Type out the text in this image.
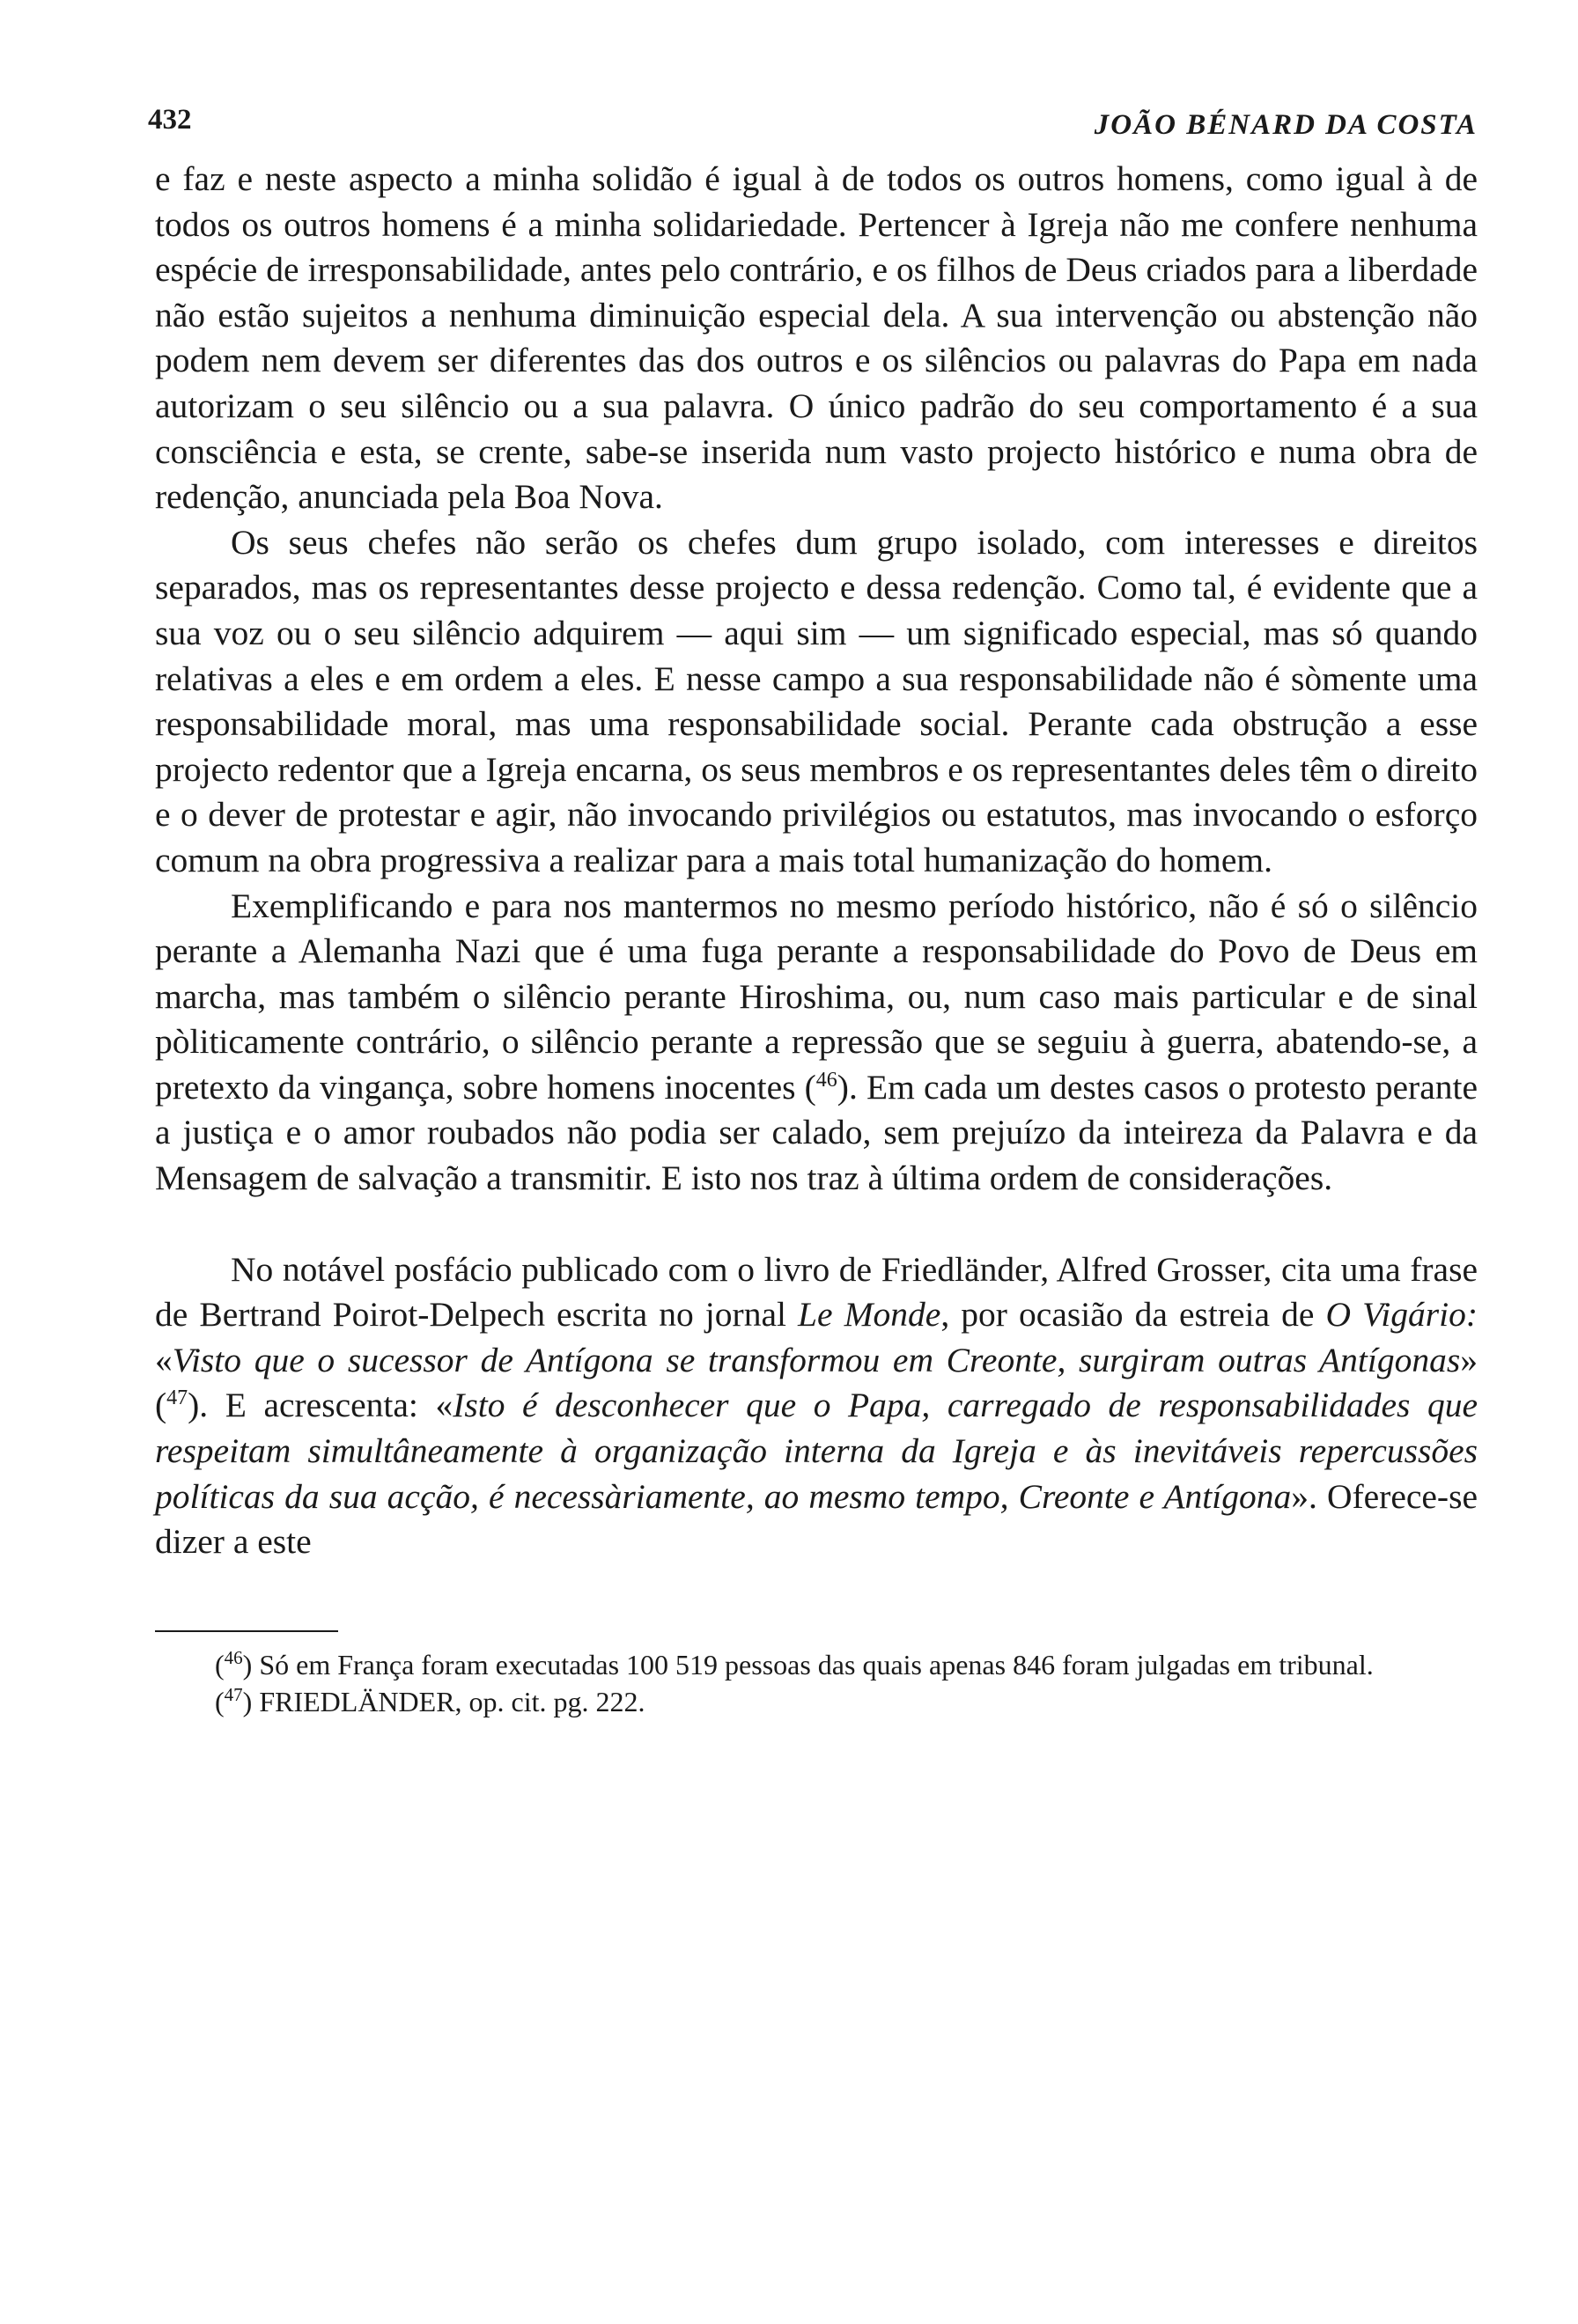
432	JOÃO BÉNARD DA COSTA

e faz e neste aspecto a minha solidão é igual à de todos os outros homens, como igual à de todos os outros homens é a minha solidariedade. Pertencer à Igreja não me confere nenhuma espécie de irresponsabilidade, antes pelo contrário, e os filhos de Deus criados para a liberdade não estão sujeitos a nenhuma diminuição especial dela. A sua intervenção ou abstenção não podem nem devem ser diferentes das dos outros e os silêncios ou palavras do Papa em nada autorizam o seu silêncio ou a sua palavra. O único padrão do seu comportamento é a sua consciência e esta, se crente, sabe-se inserida num vasto projecto histórico e numa obra de redenção, anunciada pela Boa Nova.

Os seus chefes não serão os chefes dum grupo isolado, com interesses e direitos separados, mas os representantes desse projecto e dessa redenção. Como tal, é evidente que a sua voz ou o seu silêncio adquirem — aqui sim — um significado especial, mas só quando relativas a eles e em ordem a eles. E nesse campo a sua responsabilidade não é sòmente uma responsabilidade moral, mas uma responsabilidade social. Perante cada obstrução a esse projecto redentor que a Igreja encarna, os seus membros e os representantes deles têm o direito e o dever de protestar e agir, não invocando privilégios ou estatutos, mas invocando o esforço comum na obra progressiva a realizar para a mais total humanização do homem.

Exemplificando e para nos mantermos no mesmo período histórico, não é só o silêncio perante a Alemanha Nazi que é uma fuga perante a responsabilidade do Povo de Deus em marcha, mas também o silêncio perante Hiroshima, ou, num caso mais particular e de sinal pòliticamente contrário, o silêncio perante a repressão que se seguiu à guerra, abatendo-se, a pretexto da vingança, sobre homens inocentes ($^{46}$). Em cada um destes casos o protesto perante a justiça e o amor roubados não podia ser calado, sem prejuízo da inteireza da Palavra e da Mensagem de salvação a transmitir. E isto nos traz à última ordem de considerações.

No notável posfácio publicado com o livro de Friedländer, Alfred Grosser, cita uma frase de Bertrand Poirot-Delpech escrita no jornal Le Monde, por ocasião da estreia de O Vigário: «Visto que o sucessor de Antígona se transformou em Creonte, surgiram outras Antígonas» ($^{47}$). E acrescenta: «Isto é desconhecer que o Papa, carregado de responsabilidades que respeitam simultâneamente à organização interna da Igreja e às inevitáveis repercussões políticas da sua acção, é necessàriamente, ao mesmo tempo, Creonte e Antígona». Oferece-se dizer a este

($^{46}$) Só em França foram executadas 100 519 pessoas das quais apenas 846 foram julgadas em tribunal.

($^{47}$) FRIEDLÄNDER, op. cit. pg. 222.
